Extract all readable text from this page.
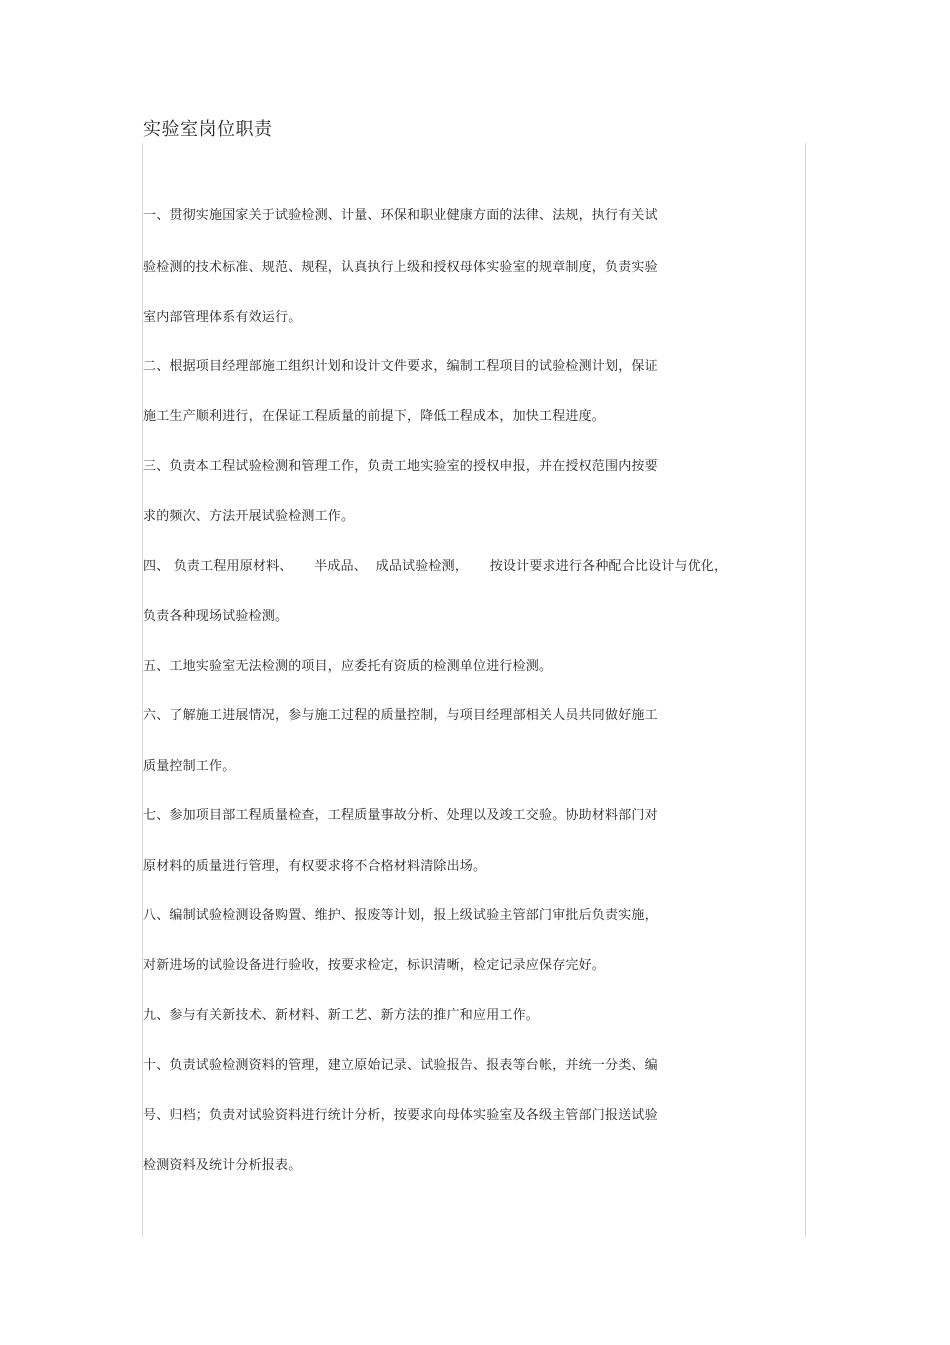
实验室岗位职责
一、贯彻实施国家关于试验检测、计量、环保和职业健康方面的法律、法规，执行有关试
验检测的技术标准、规范、规程，认真执行上级和授权母体实验室的规章制度，负责实验
室内部管理体系有效运行。
二、根据项目经理部施工组织计划和设计文件要求，编制工程项目的试验检测计划，保证
施工生产顺利进行，在保证工程质量的前提下，降低工程成本，加快工程进度。
三、负责本工程试验检测和管理工作，负责工地实验室的授权申报，并在授权范围内按要
求的频次、方法开展试验检测工作。
四、 负责工程用原材料、     半成品、  成品试验检测，     按设计要求进行各种配合比设计与优化，
负责各种现场试验检测。
五、工地实验室无法检测的项目，应委托有资质的检测单位进行检测。
六、了解施工进展情况，参与施工过程的质量控制，与项目经理部相关人员共同做好施工
质量控制工作。
七、参加项目部工程质量检查，工程质量事故分析、处理以及竣工交验。协助材料部门对
原材料的质量进行管理，有权要求将不合格材料清除出场。
八、编制试验检测设备购置、维护、报废等计划，报上级试验主管部门审批后负责实施，
对新进场的试验设备进行验收，按要求检定，标识清晰，检定记录应保存完好。
九、参与有关新技术、新材料、新工艺、新方法的推广和应用工作。
十、负责试验检测资料的管理，建立原始记录、试验报告、报表等台帐，并统一分类、编
号、归档；负责对试验资料进行统计分析，按要求向母体实验室及各级主管部门报送试验
检测资料及统计分析报表。
